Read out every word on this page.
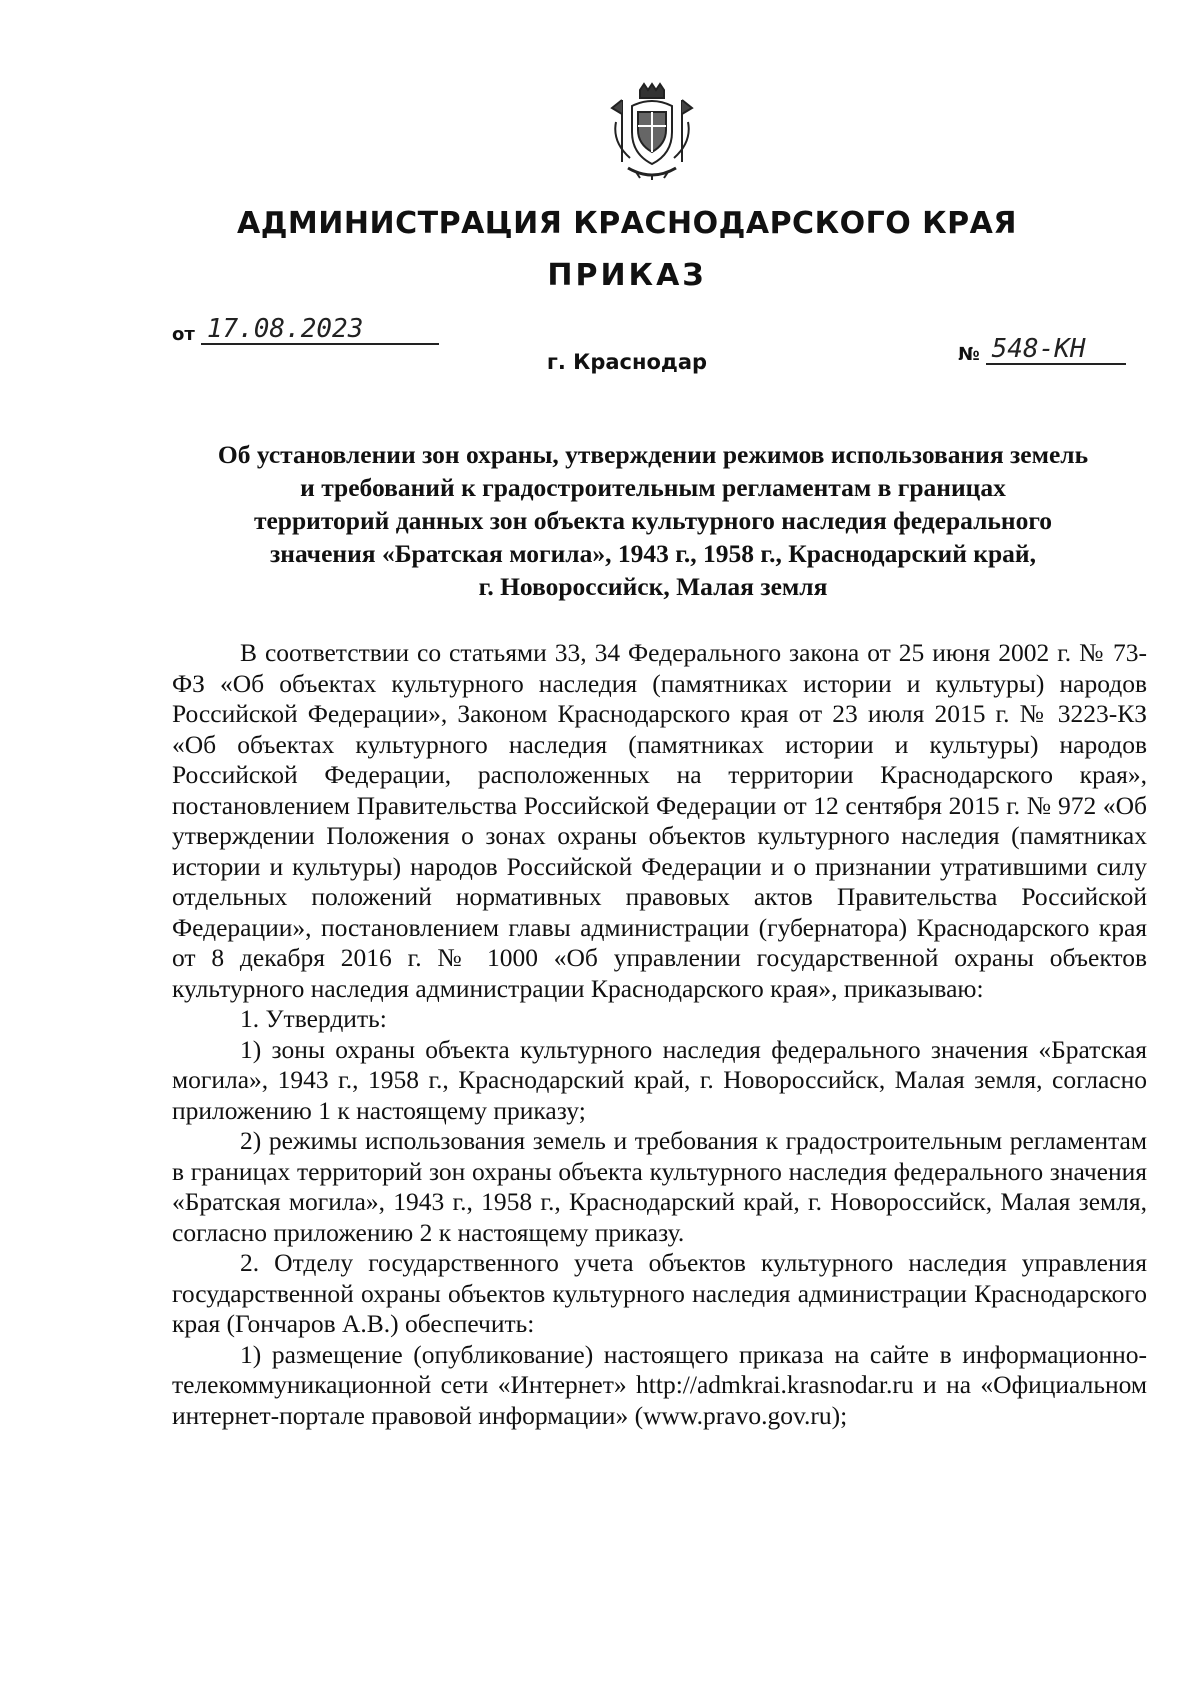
АДМИНИСТРАЦИЯ КРАСНОДАРСКОГО КРАЯ
ПРИКАЗ
от 17.08.2023
№ 548-КН
г. Краснодар
Об установлении зон охраны, утверждении режимов использования земель
и требований к градостроительным регламентам в границах
территорий данных зон объекта культурного наследия федерального
значения «Братская могила», 1943 г., 1958 г., Краснодарский край,
г. Новороссийск, Малая земля

В соответствии со статьями 33, 34 Федерального закона от 25 июня 2002 г. № 73-ФЗ «Об объектах культурного наследия (памятниках истории и культуры) народов Российской Федерации», Законом Краснодарского края от 23 июля 2015 г. № 3223-КЗ «Об объектах культурного наследия (памятниках истории и культуры) народов Российской Федерации, расположенных на территории Краснодарского края», постановлением Правительства Российской Федерации от 12 сентября 2015 г. № 972 «Об утверждении Положения о зонах охраны объектов культурного наследия (памятниках истории и культуры) народов Российской Федерации и о признании утратившими силу отдельных положений нормативных правовых актов Правительства Российской Федерации», постановлением главы администрации (губернатора) Краснодарского края от 8 декабря 2016 г. № 1000 «Об управлении государственной охраны объектов культурного наследия администрации Краснодарского края», приказываю:

1. Утвердить:

1) зоны охраны объекта культурного наследия федерального значения «Братская могила», 1943 г., 1958 г., Краснодарский край, г. Новороссийск, Малая земля, согласно приложению 1 к настоящему приказу;

2) режимы использования земель и требования к градостроительным регламентам в границах территорий зон охраны объекта культурного наследия федерального значения «Братская могила», 1943 г., 1958 г., Краснодарский край, г. Новороссийск, Малая земля, согласно приложению 2 к настоящему приказу.

2. Отделу государственного учета объектов культурного наследия управления государственной охраны объектов культурного наследия администрации Краснодарского края (Гончаров А.В.) обеспечить:

1) размещение (опубликование) настоящего приказа на сайте в информационно-телекоммуникационной сети «Интернет» http://admkrai.krasnodar.ru и на «Официальном интернет-портале правовой информации» (www.pravo.gov.ru);
